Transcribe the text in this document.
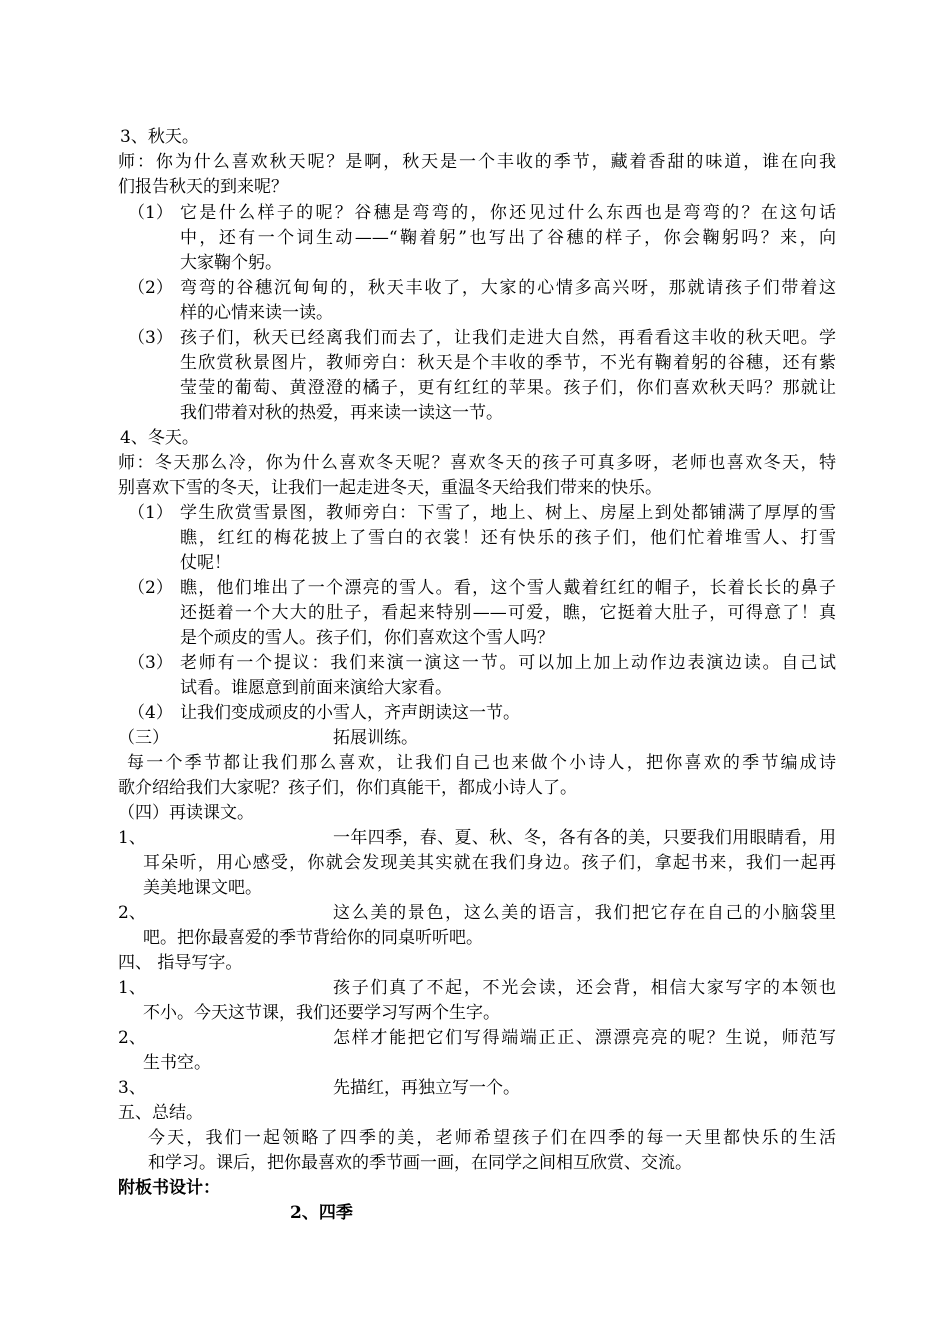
3、秋天。
师：你为什么喜欢秋天呢？是啊，秋天是一个丰收的季节，藏着香甜的味道，谁在向我
们报告秋天的到来呢？
（1） 它是什么样子的呢？谷穗是弯弯的，你还见过什么东西也是弯弯的？在这句话
中，还有一个词生动——“鞠着躬”也写出了谷穗的样子，你会鞠躬吗？来，向
大家鞠个躬。
（2） 弯弯的谷穗沉甸甸的，秋天丰收了，大家的心情多高兴呀，那就请孩子们带着这
样的心情来读一读。
（3） 孩子们，秋天已经离我们而去了，让我们走进大自然，再看看这丰收的秋天吧。学
生欣赏秋景图片，教师旁白：秋天是个丰收的季节，不光有鞠着躬的谷穗，还有紫
莹莹的葡萄、黄澄澄的橘子，更有红红的苹果。孩子们，你们喜欢秋天吗？那就让
我们带着对秋的热爱，再来读一读这一节。
4、冬天。
师：冬天那么冷，你为什么喜欢冬天呢？喜欢冬天的孩子可真多呀，老师也喜欢冬天，特
别喜欢下雪的冬天，让我们一起走进冬天，重温冬天给我们带来的快乐。
（1） 学生欣赏雪景图，教师旁白：下雪了，地上、树上、房屋上到处都铺满了厚厚的雪
瞧，红红的梅花披上了雪白的衣裳！还有快乐的孩子们，他们忙着堆雪人、打雪
仗呢！
（2） 瞧，他们堆出了一个漂亮的雪人。看，这个雪人戴着红红的帽子，长着长长的鼻子
还挺着一个大大的肚子，看起来特别——可爱，瞧，它挺着大肚子，可得意了！真
是个顽皮的雪人。孩子们，你们喜欢这个雪人吗？
（3） 老师有一个提议：我们来演一演这一节。可以加上加上动作边表演边读。自己试
试看。谁愿意到前面来演给大家看。
（4） 让我们变成顽皮的小雪人，齐声朗读这一节。
（三）	拓展训练。
每一个季节都让我们那么喜欢，让我们自己也来做个小诗人，把你喜欢的季节编成诗
歌介绍给我们大家呢？孩子们，你们真能干，都成小诗人了。
（四）再读课文。
1、	一年四季，春、夏、秋、冬，各有各的美，只要我们用眼睛看，用
耳朵听，用心感受，你就会发现美其实就在我们身边。孩子们，拿起书来，我们一起再
美美地课文吧。
2、	这么美的景色，这么美的语言，我们把它存在自己的小脑袋里
吧。把你最喜爱的季节背给你的同桌听听吧。
四、 指导写字。
1、	孩子们真了不起，不光会读，还会背，相信大家写字的本领也
不小。今天这节课，我们还要学习写两个生字。
2、	怎样才能把它们写得端端正正、漂漂亮亮的呢？生说，师范写
生书空。
3、	先描红，再独立写一个。
五、总结。
今天，我们一起领略了四季的美，老师希望孩子们在四季的每一天里都快乐的生活
和学习。课后，把你最喜欢的季节画一画，在同学之间相互欣赏、交流。
附板书设计：
2、四季
